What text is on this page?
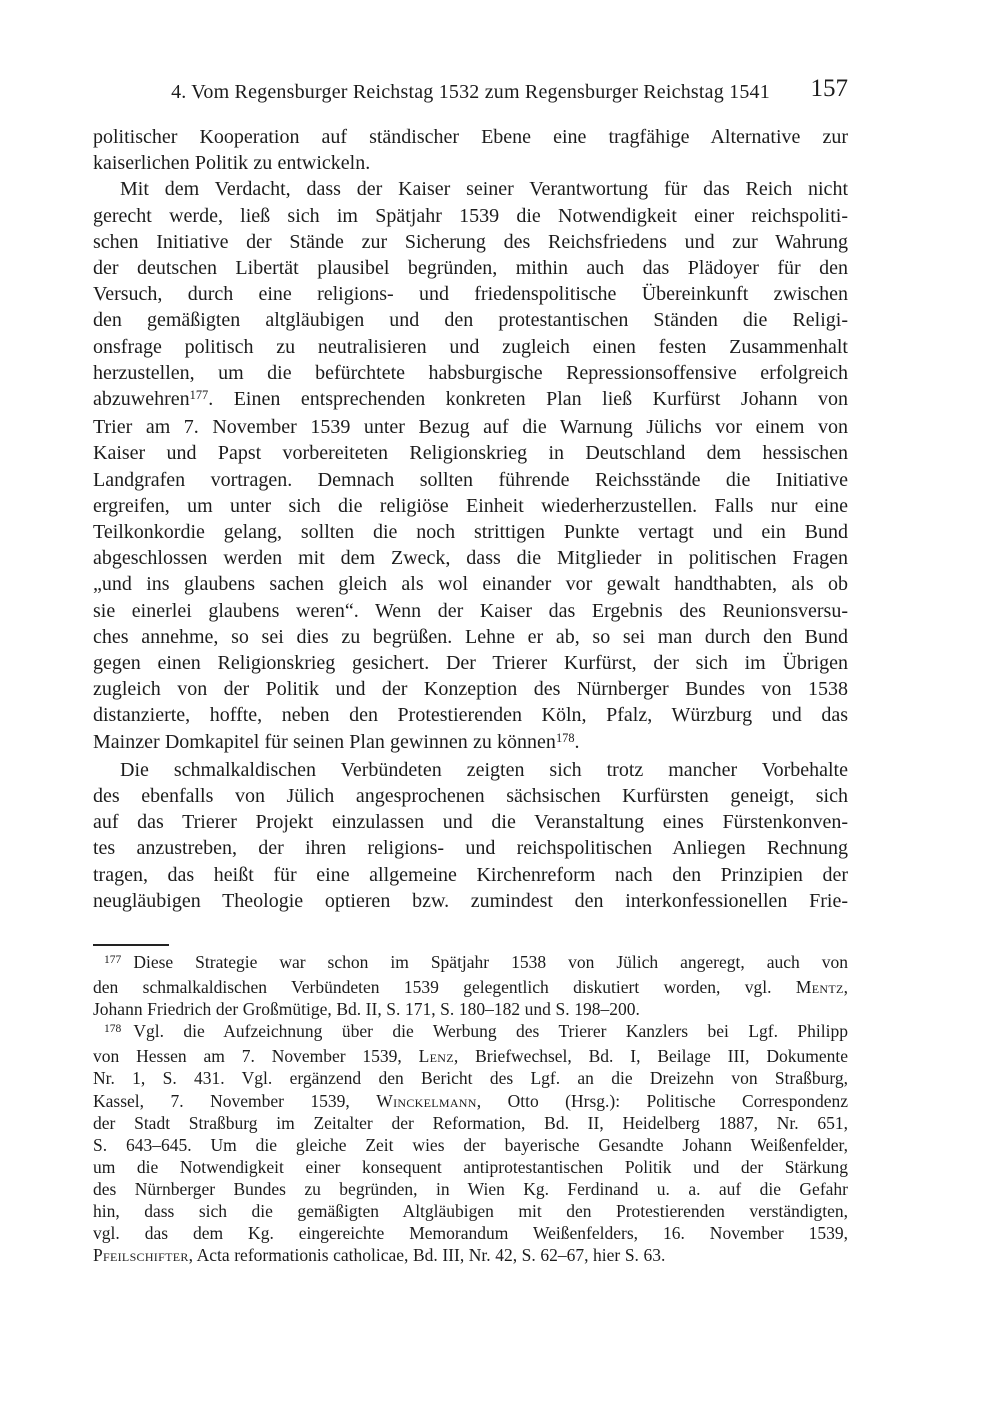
4. Vom Regensburger Reichstag 1532 zum Regensburger Reichstag 1541	157
politischer Kooperation auf ständischer Ebene eine tragfähige Alternative zur
kaiserlichen Politik zu entwickeln.
Mit dem Verdacht, dass der Kaiser seiner Verantwortung für das Reich nicht
gerecht werde, ließ sich im Spätjahr 1539 die Notwendigkeit einer reichspoliti-
schen Initiative der Stände zur Sicherung des Reichsfriedens und zur Wahrung
der deutschen Libertät plausibel begründen, mithin auch das Plädoyer für den
Versuch, durch eine religions- und friedenspolitische Übereinkunft zwischen
den gemäßigten altgläubigen und den protestantischen Ständen die Religi-
onsfrage politisch zu neutralisieren und zugleich einen festen Zusammenhalt
herzustellen, um die befürchtete habsburgische Repressionsoffensive erfolgreich
abzuwehren$^{177}$. Einen entsprechenden konkreten Plan ließ Kurfürst Johann von
Trier am 7. November 1539 unter Bezug auf die Warnung Jülichs vor einem von
Kaiser und Papst vorbereiteten Religionskrieg in Deutschland dem hessischen
Landgrafen vortragen. Demnach sollten führende Reichsstände die Initiative
ergreifen, um unter sich die religiöse Einheit wiederherzustellen. Falls nur eine
Teilkonkordie gelang, sollten die noch strittigen Punkte vertagt und ein Bund
abgeschlossen werden mit dem Zweck, dass die Mitglieder in politischen Fragen
„und ins glaubens sachen gleich als wol einander vor gewalt handthabten, als ob
sie einerlei glaubens weren“. Wenn der Kaiser das Ergebnis des Reunionsversu-
ches annehme, so sei dies zu begrüßen. Lehne er ab, so sei man durch den Bund
gegen einen Religionskrieg gesichert. Der Trierer Kurfürst, der sich im Übrigen
zugleich von der Politik und der Konzeption des Nürnberger Bundes von 1538
distanzierte, hoffte, neben den Protestierenden Köln, Pfalz, Würzburg und das
Mainzer Domkapitel für seinen Plan gewinnen zu können$^{178}$.
Die schmalkaldischen Verbündeten zeigten sich trotz mancher Vorbehalte
des ebenfalls von Jülich angesprochenen sächsischen Kurfürsten geneigt, sich
auf das Trierer Projekt einzulassen und die Veranstaltung eines Fürstenkonven-
tes anzustreben, der ihren religions- und reichspolitischen Anliegen Rechnung
tragen, das heißt für eine allgemeine Kirchenreform nach den Prinzipien der
neugläubigen Theologie optieren bzw. zumindest den interkonfessionellen Frie-
$^{177}$ Diese Strategie war schon im Spätjahr 1538 von Jülich angeregt, auch von
den schmalkaldischen Verbündeten 1539 gelegentlich diskutiert worden, vgl. Mentz,
Johann Friedrich der Großmütige, Bd. II, S. 171, S. 180–182 und S. 198–200.
$^{178}$ Vgl. die Aufzeichnung über die Werbung des Trierer Kanzlers bei Lgf. Philipp
von Hessen am 7. November 1539, Lenz, Briefwechsel, Bd. I, Beilage III, Dokumente
Nr. 1, S. 431. Vgl. ergänzend den Bericht des Lgf. an die Dreizehn von Straßburg,
Kassel, 7. November 1539, Winckelmann, Otto (Hrsg.): Politische Correspondenz
der Stadt Straßburg im Zeitalter der Reformation, Bd. II, Heidelberg 1887, Nr. 651,
S. 643–645. Um die gleiche Zeit wies der bayerische Gesandte Johann Weißenfelder,
um die Notwendigkeit einer konsequent antiprotestantischen Politik und der Stärkung
des Nürnberger Bundes zu begründen, in Wien Kg. Ferdinand u. a. auf die Gefahr
hin, dass sich die gemäßigten Altgläubigen mit den Protestierenden verständigten,
vgl. das dem Kg. eingereichte Memorandum Weißenfelders, 16. November 1539,
Pfeilschifter, Acta reformationis catholicae, Bd. III, Nr. 42, S. 62–67, hier S. 63.
